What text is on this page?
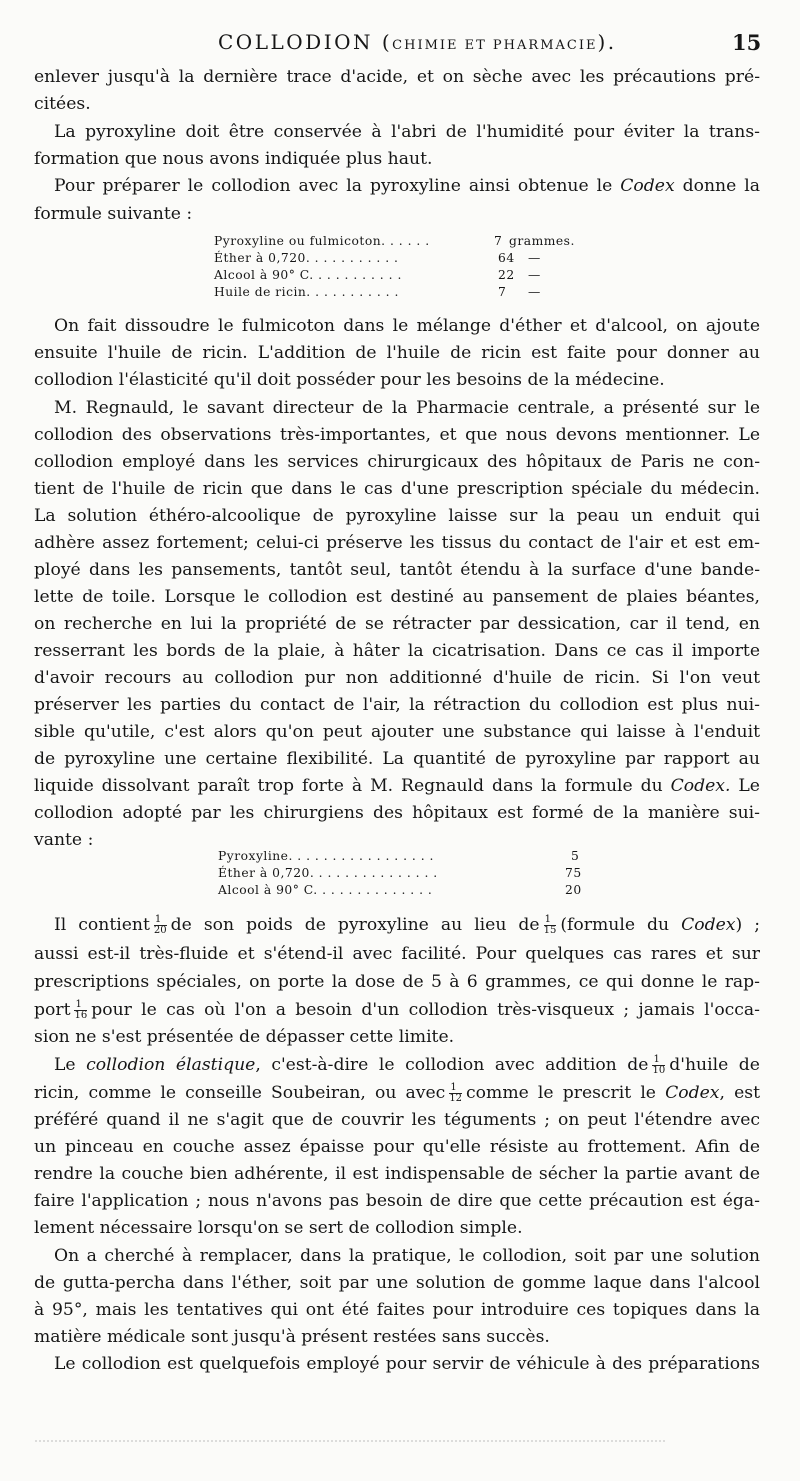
COLLODION (CHIMIE ET PHARMACIE).	15
enlever jusqu'à la dernière trace d'acide, et on sèche avec les précautions pré-
citées.
La pyroxyline doit être conservée à l'abri de l'humidité pour éviter la trans-
formation que nous avons indiquée plus haut.
Pour préparer le collodion avec la pyroxyline ainsi obtenue le Codex donne la
formule suivante :
Pyroxyline ou fulmicoton. . . . . .	7 grammes.
Éther à 0,720. . . . . . . . . . .	64 —
Alcool à 90° C. . . . . . . . . . .	22 —
Huile de ricin. . . . . . . . . . .	7 —
On fait dissoudre le fulmicoton dans le mélange d'éther et d'alcool, on ajoute
ensuite l'huile de ricin. L'addition de l'huile de ricin est faite pour donner au
collodion l'élasticité qu'il doit posséder pour les besoins de la médecine.
M. Regnauld, le savant directeur de la Pharmacie centrale, a présenté sur le
collodion des observations très-importantes, et que nous devons mentionner. Le
collodion employé dans les services chirurgicaux des hôpitaux de Paris ne con-
tient de l'huile de ricin que dans le cas d'une prescription spéciale du médecin.
La solution éthéro-alcoolique de pyroxyline laisse sur la peau un enduit qui
adhère assez fortement; celui-ci préserve les tissus du contact de l'air et est em-
ployé dans les pansements, tantôt seul, tantôt étendu à la surface d'une bande-
lette de toile. Lorsque le collodion est destiné au pansement de plaies béantes,
on recherche en lui la propriété de se rétracter par dessication, car il tend, en
resserrant les bords de la plaie, à hâter la cicatrisation. Dans ce cas il importe
d'avoir recours au collodion pur non additionné d'huile de ricin. Si l'on veut
préserver les parties du contact de l'air, la rétraction du collodion est plus nui-
sible qu'utile, c'est alors qu'on peut ajouter une substance qui laisse à l'enduit
de pyroxyline une certaine flexibilité. La quantité de pyroxyline par rapport au
liquide dissolvant paraît trop forte à M. Regnauld dans la formule du Codex. Le
collodion adopté par les chirurgiens des hôpitaux est formé de la manière sui-
vante :
Pyroxyline. . . . . . . . . . . . . . . . .	5
Éther à 0,720. . . . . . . . . . . . . . .	75
Alcool à 90° C. . . . . . . . . . . . . .	20
Il contient $\frac{1}{20}$ de son poids de pyroxyline au lieu de $\frac{1}{15}$ (formule du Codex) ;
aussi est-il très-fluide et s'étend-il avec facilité. Pour quelques cas rares et sur
prescriptions spéciales, on porte la dose de 5 à 6 grammes, ce qui donne le rap-
port $\frac{1}{16}$ pour le cas où l'on a besoin d'un collodion très-visqueux ; jamais l'occa-
sion ne s'est présentée de dépasser cette limite.
Le collodion élastique, c'est-à-dire le collodion avec addition de $\frac{1}{10}$ d'huile de
ricin, comme le conseille Soubeiran, ou avec $\frac{1}{12}$ comme le prescrit le Codex, est
préféré quand il ne s'agit que de couvrir les téguments ; on peut l'étendre avec
un pinceau en couche assez épaisse pour qu'elle résiste au frottement. Afin de
rendre la couche bien adhérente, il est indispensable de sécher la partie avant de
faire l'application ; nous n'avons pas besoin de dire que cette précaution est éga-
lement nécessaire lorsqu'on se sert de collodion simple.
On a cherché à remplacer, dans la pratique, le collodion, soit par une solution
de gutta-percha dans l'éther, soit par une solution de gomme laque dans l'alcool
à 95°, mais les tentatives qui ont été faites pour introduire ces topiques dans la
matière médicale sont jusqu'à présent restées sans succès.
Le collodion est quelquefois employé pour servir de véhicule à des préparations
